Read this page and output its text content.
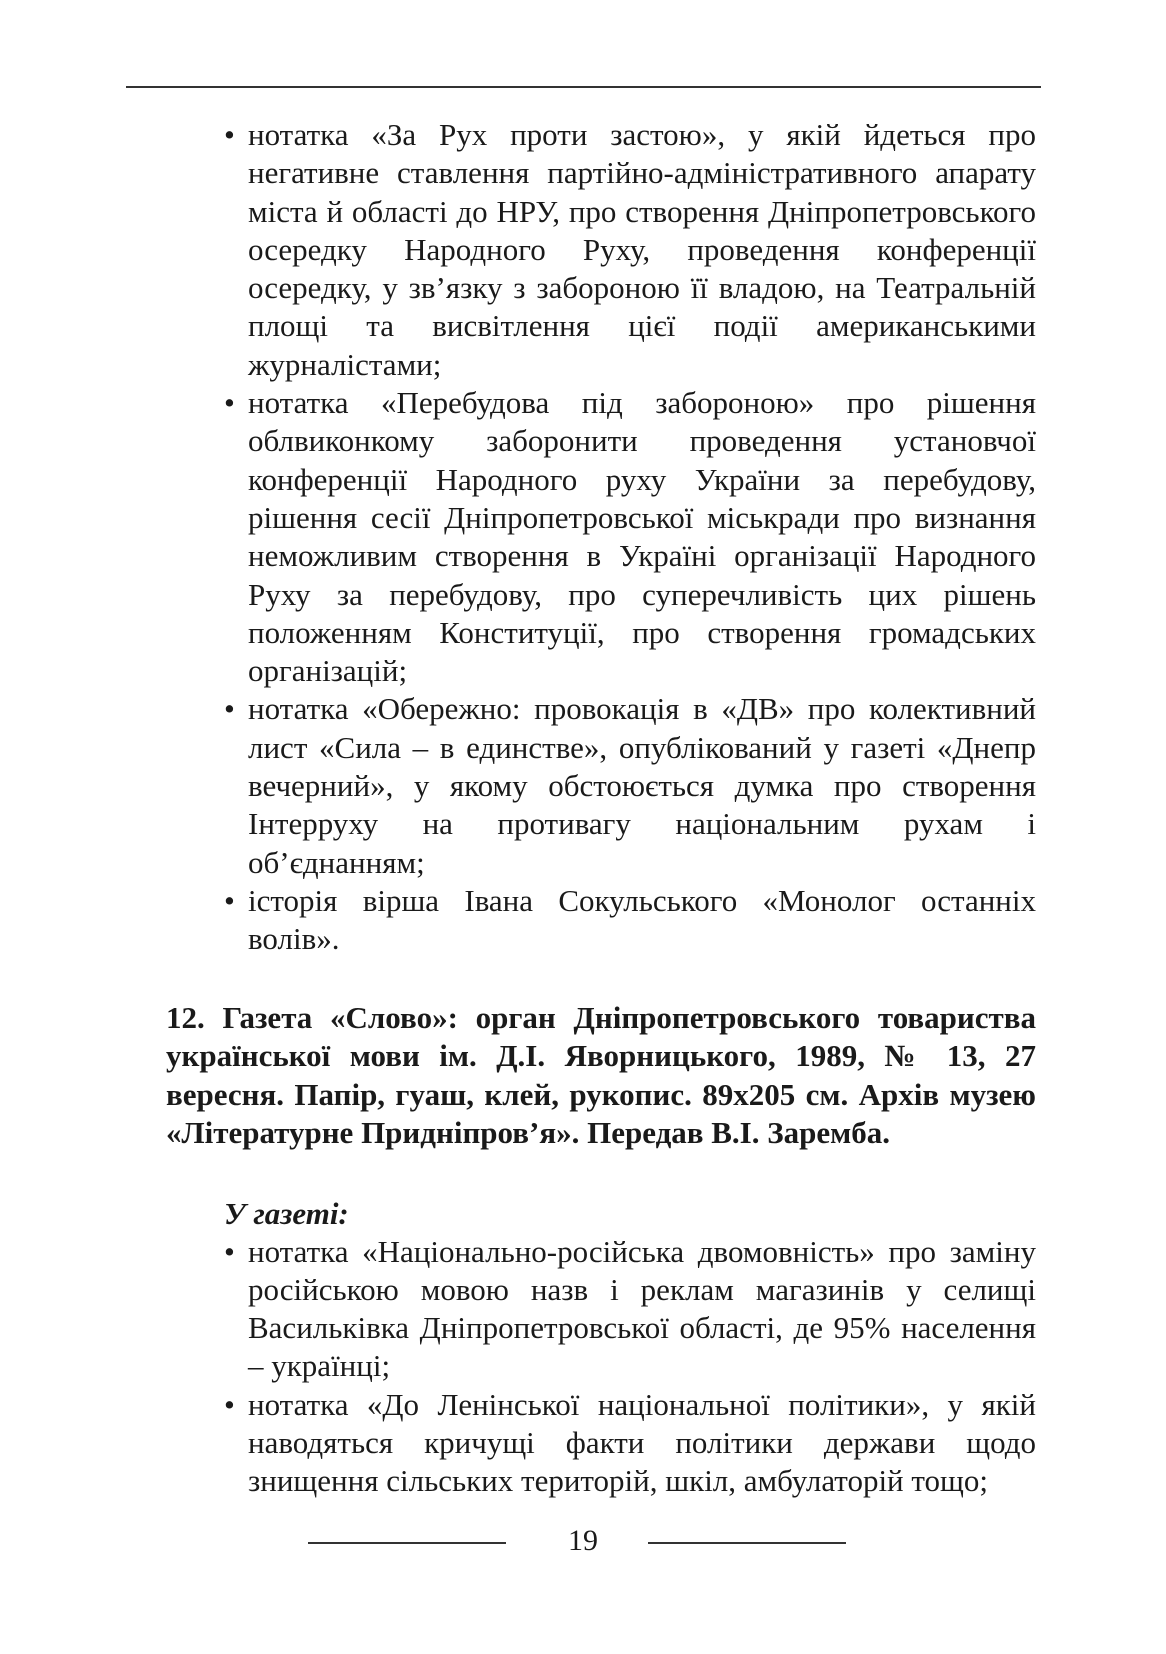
• нотатка «За Рух проти застою», у якій йдеться про негативне ставлення партійно-адміністративного апарату міста й області до НРУ, про створення Дніпропетровського осередку Народного Руху, проведення конференції осередку, у зв’язку з забороною її владою, на Театральній площі та висвітлення цієї події американськими журналістами;
• нотатка «Перебудова під забороною» про рішення облвиконкому заборонити проведення установчої конференції Народного руху України за перебудову, рішення сесії Дніпропетровської міськради про визнання неможливим створення в Україні організації Народного Руху за перебудову, про суперечливість цих рішень положенням Конституції, про створення громадських організацій;
• нотатка «Обережно: провокація в «ДВ» про колективний лист «Сила – в единстве», опублікований у газеті «Днепр вечерний», у якому обстоюється думка про створення Інтерруху на противагу національним рухам і об’єднанням;
• історія вірша Івана Сокульського «Монолог останніх волів».
12. Газета «Слово»: орган Дніпропетровського товариства української мови ім. Д.І. Яворницького, 1989, № 13, 27 вересня. Папір, гуаш, клей, рукопис. 89х205 см. Архів музею «Літературне Придніпров’я». Передав В.І. Заремба.
У газеті:
• нотатка «Національно-російська двомовність» про заміну російською мовою назв і реклам магазинів у селищі Васильківка Дніпропетровської області, де 95% населення – українці;
• нотатка «До Ленінської національної політики», у якій наводяться кричущі факти політики держави щодо знищення сільських територій, шкіл, амбулаторій тощо;
19
